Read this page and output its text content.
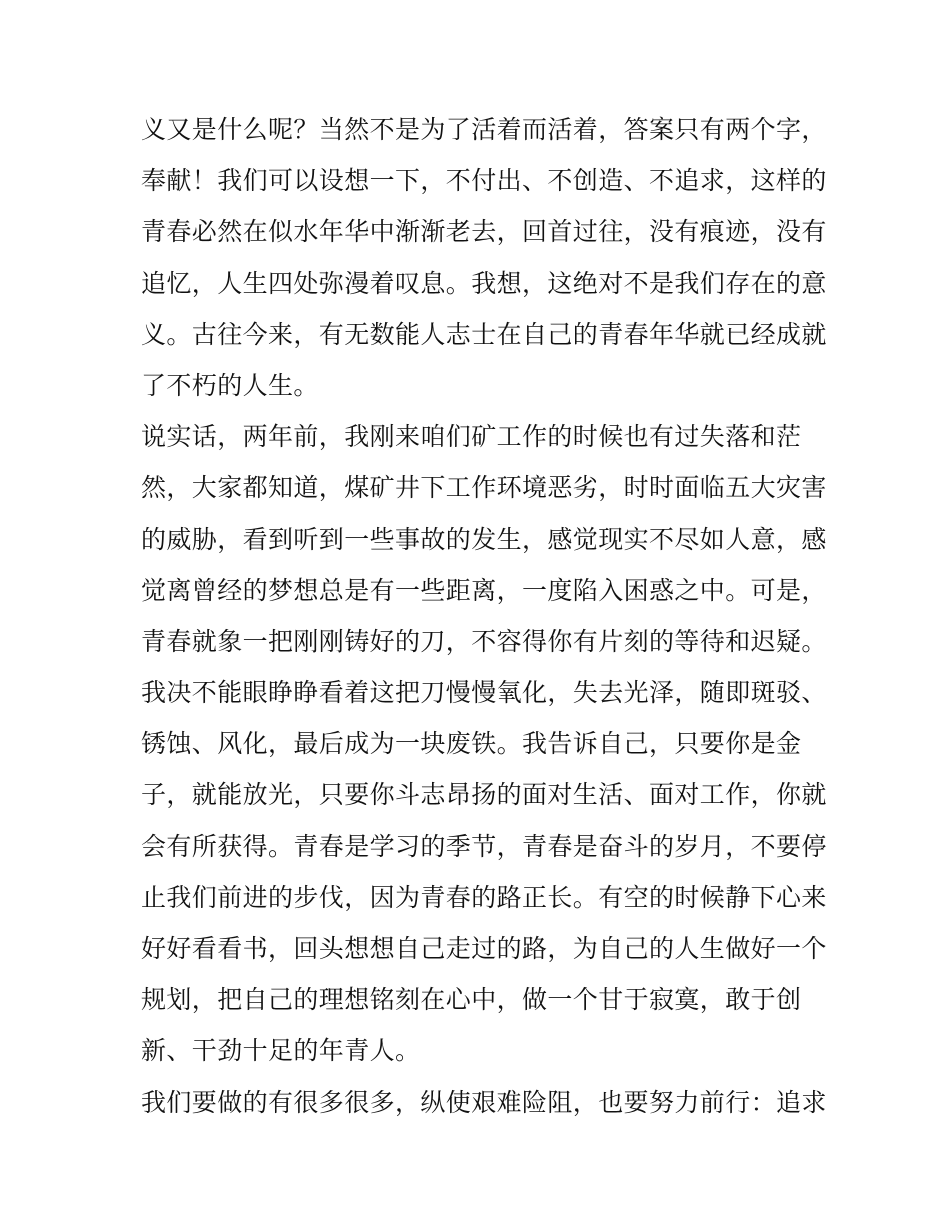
义又是什么呢？当然不是为了活着而活着，答案只有两个字，
奉献！我们可以设想一下，不付出、不创造、不追求，这样的
青春必然在似水年华中渐渐老去，回首过往，没有痕迹，没有
追忆，人生四处弥漫着叹息。我想，这绝对不是我们存在的意
义。古往今来，有无数能人志士在自己的青春年华就已经成就
了不朽的人生。
说实话，两年前，我刚来咱们矿工作的时候也有过失落和茫
然，大家都知道，煤矿井下工作环境恶劣，时时面临五大灾害
的威胁，看到听到一些事故的发生，感觉现实不尽如人意，感
觉离曾经的梦想总是有一些距离，一度陷入困惑之中。可是，
青春就象一把刚刚铸好的刀，不容得你有片刻的等待和迟疑。
我决不能眼睁睁看着这把刀慢慢氧化，失去光泽，随即斑驳、
锈蚀、风化，最后成为一块废铁。我告诉自己，只要你是金
子，就能放光，只要你斗志昂扬的面对生活、面对工作，你就
会有所获得。青春是学习的季节，青春是奋斗的岁月，不要停
止我们前进的步伐，因为青春的路正长。有空的时候静下心来
好好看看书，回头想想自己走过的路，为自己的人生做好一个
规划，把自己的理想铭刻在心中，做一个甘于寂寞，敢于创
新、干劲十足的年青人。
我们要做的有很多很多，纵使艰难险阻，也要努力前行：追求
